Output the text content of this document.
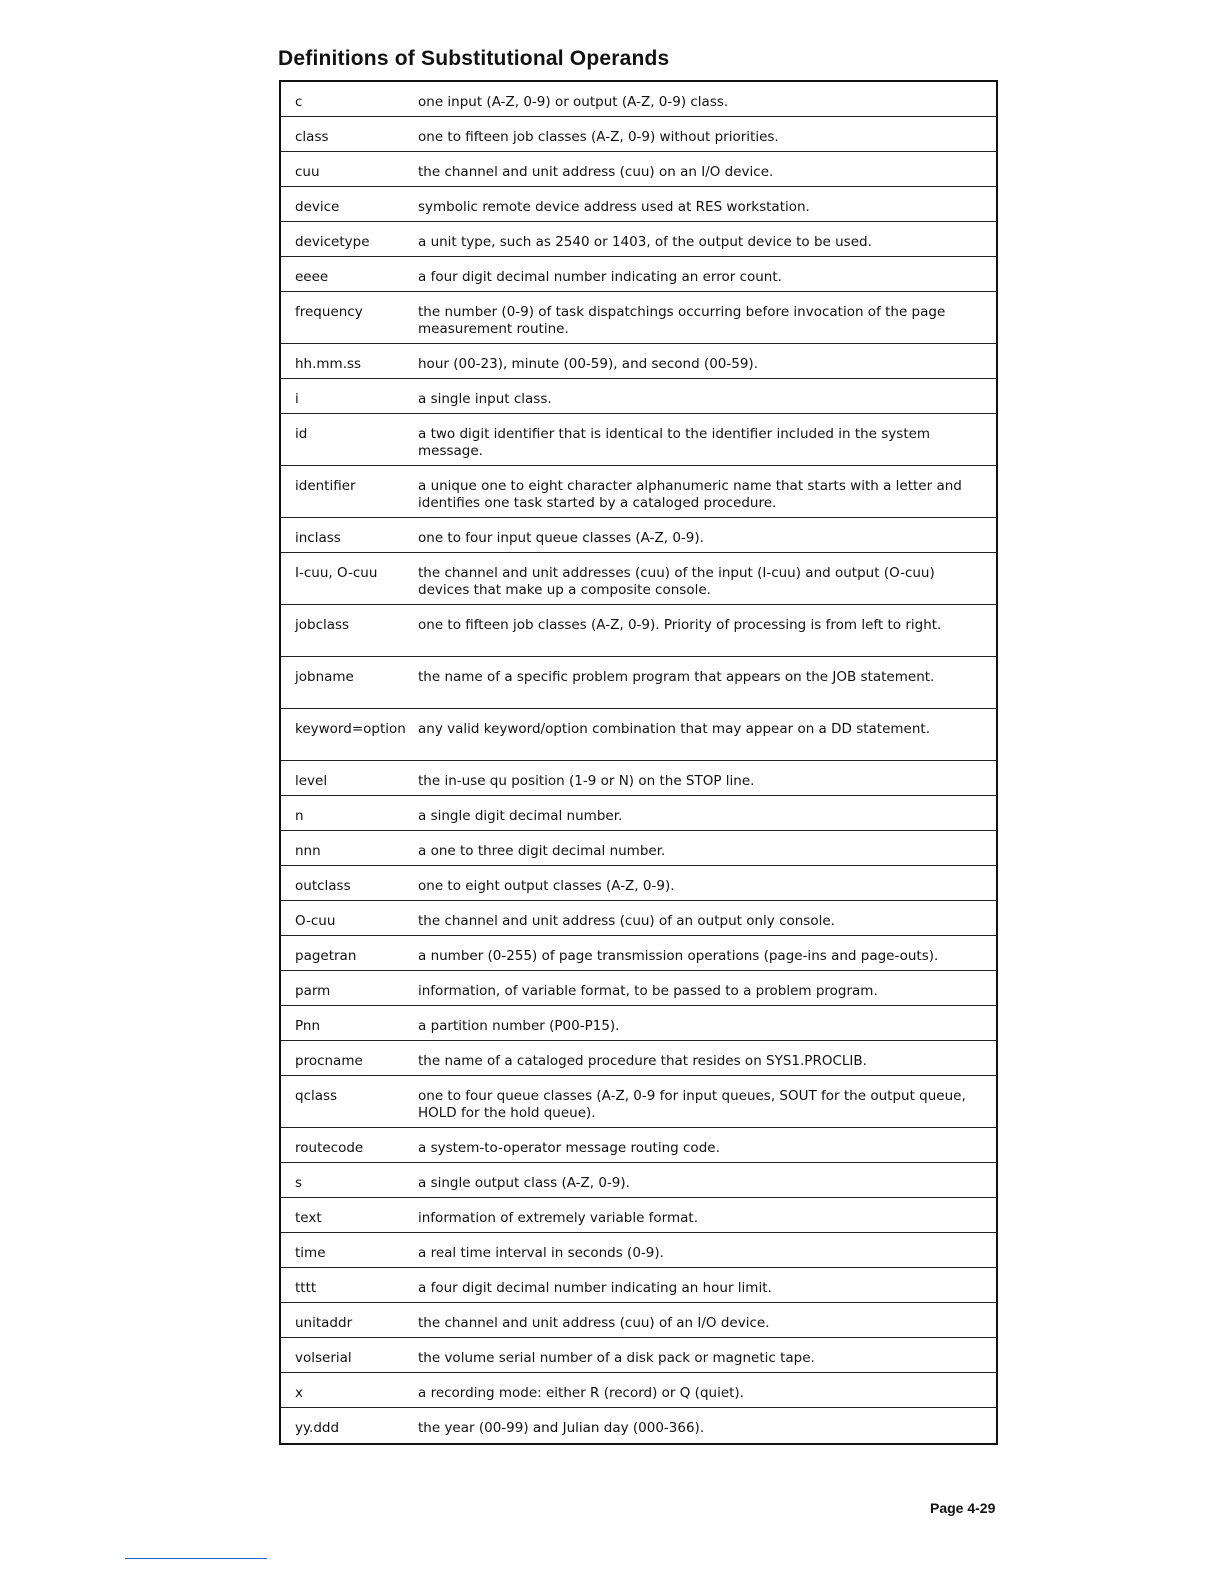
Definitions of Substitutional Operands
c	one input (A-Z, 0-9) or output (A-Z, 0-9) class.
class	one to fifteen job classes (A-Z, 0-9) without priorities.
cuu	the channel and unit address (cuu) on an I/O device.
device	symbolic remote device address used at RES workstation.
devicetype	a unit type, such as 2540 or 1403, of the output device to be used.
eeee	a four digit decimal number indicating an error count.
frequency	the number (0-9) of task dispatchings occurring before invocation of the page measurement routine.
hh.mm.ss	hour (00-23), minute (00-59), and second (00-59).
i	a single input class.
id	a two digit identifier that is identical to the identifier included in the system message.
identifier	a unique one to eight character alphanumeric name that starts with a letter and identifies one task started by a cataloged procedure.
inclass	one to four input queue classes (A-Z, 0-9).
I-cuu, O-cuu	the channel and unit addresses (cuu) of the input (I-cuu) and output (O-cuu) devices that make up a composite console.
jobclass	one to fifteen job classes (A-Z, 0-9). Priority of processing is from left to right.
jobname	the name of a specific problem program that appears on the JOB statement.
keyword=option any valid keyword/option combination that may appear on a DD statement.
level	the in-use qu position (1-9 or N) on the STOP line.
n	a single digit decimal number.
nnn	a one to three digit decimal number.
outclass	one to eight output classes (A-Z, 0-9).
O-cuu	the channel and unit address (cuu) of an output only console.
pagetran	a number (0-255) of page transmission operations (page-ins and page-outs).
parm	information, of variable format, to be passed to a problem program.
Pnn	a partition number (P00-P15).
procname	the name of a cataloged procedure that resides on SYS1.PROCLIB.
qclass	one to four queue classes (A-Z, 0-9 for input queues, SOUT for the output queue, HOLD for the hold queue).
routecode	a system-to-operator message routing code.
s	a single output class (A-Z, 0-9).
text	information of extremely variable format.
time	a real time interval in seconds (0-9).
tttt	a four digit decimal number indicating an hour limit.
unitaddr	the channel and unit address (cuu) of an I/O device.
volserial	the volume serial number of a disk pack or magnetic tape.
x	a recording mode: either R (record) or Q (quiet).
yy.ddd	the year (00-99) and Julian day (000-366).
Page 4-29
